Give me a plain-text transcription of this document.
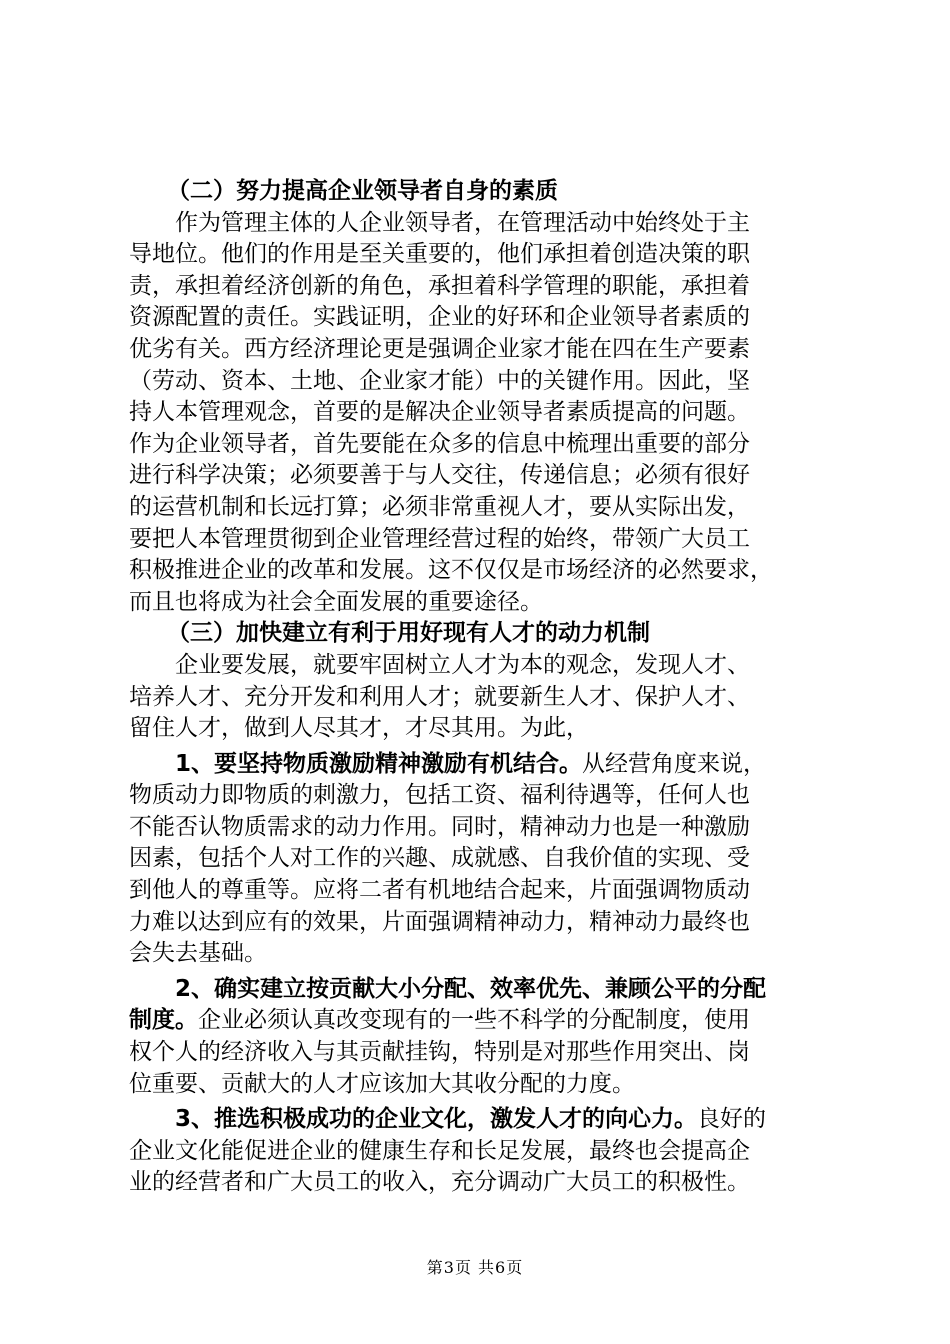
（二）努力提高企业领导者自身的素质
作为管理主体的人企业领导者，在管理活动中始终处于主
导地位。他们的作用是至关重要的，他们承担着创造决策的职
责，承担着经济创新的角色，承担着科学管理的职能，承担着
资源配置的责任。实践证明，企业的好环和企业领导者素质的
优劣有关。西方经济理论更是强调企业家才能在四在生产要素
（劳动、资本、土地、企业家才能）中的关键作用。因此，坚
持人本管理观念，首要的是解决企业领导者素质提高的问题。
作为企业领导者，首先要能在众多的信息中梳理出重要的部分
进行科学决策；必须要善于与人交往，传递信息；必须有很好
的运营机制和长远打算；必须非常重视人才，要从实际出发，
要把人本管理贯彻到企业管理经营过程的始终，带领广大员工
积极推进企业的改革和发展。这不仅仅是市场经济的必然要求，
而且也将成为社会全面发展的重要途径。
（三）加快建立有利于用好现有人才的动力机制
企业要发展，就要牢固树立人才为本的观念，发现人才、
培养人才、充分开发和利用人才；就要新生人才、保护人才、
留住人才，做到人尽其才，才尽其用。为此，
1、要坚持物质激励精神激励有机结合。从经营角度来说，
物质动力即物质的刺激力，包括工资、福利待遇等，任何人也
不能否认物质需求的动力作用。同时，精神动力也是一种激励
因素，包括个人对工作的兴趣、成就感、自我价值的实现、受
到他人的尊重等。应将二者有机地结合起来，片面强调物质动
力难以达到应有的效果，片面强调精神动力，精神动力最终也
会失去基础。
2、确实建立按贡献大小分配、效率优先、兼顾公平的分配
制度。企业必须认真改变现有的一些不科学的分配制度，使用
权个人的经济收入与其贡献挂钩，特别是对那些作用突出、岗
位重要、贡献大的人才应该加大其收分配的力度。
3、推选积极成功的企业文化，激发人才的向心力。良好的
企业文化能促进企业的健康生存和长足发展，最终也会提高企
业的经营者和广大员工的收入，充分调动广大员工的积极性。
第3页 共6页
